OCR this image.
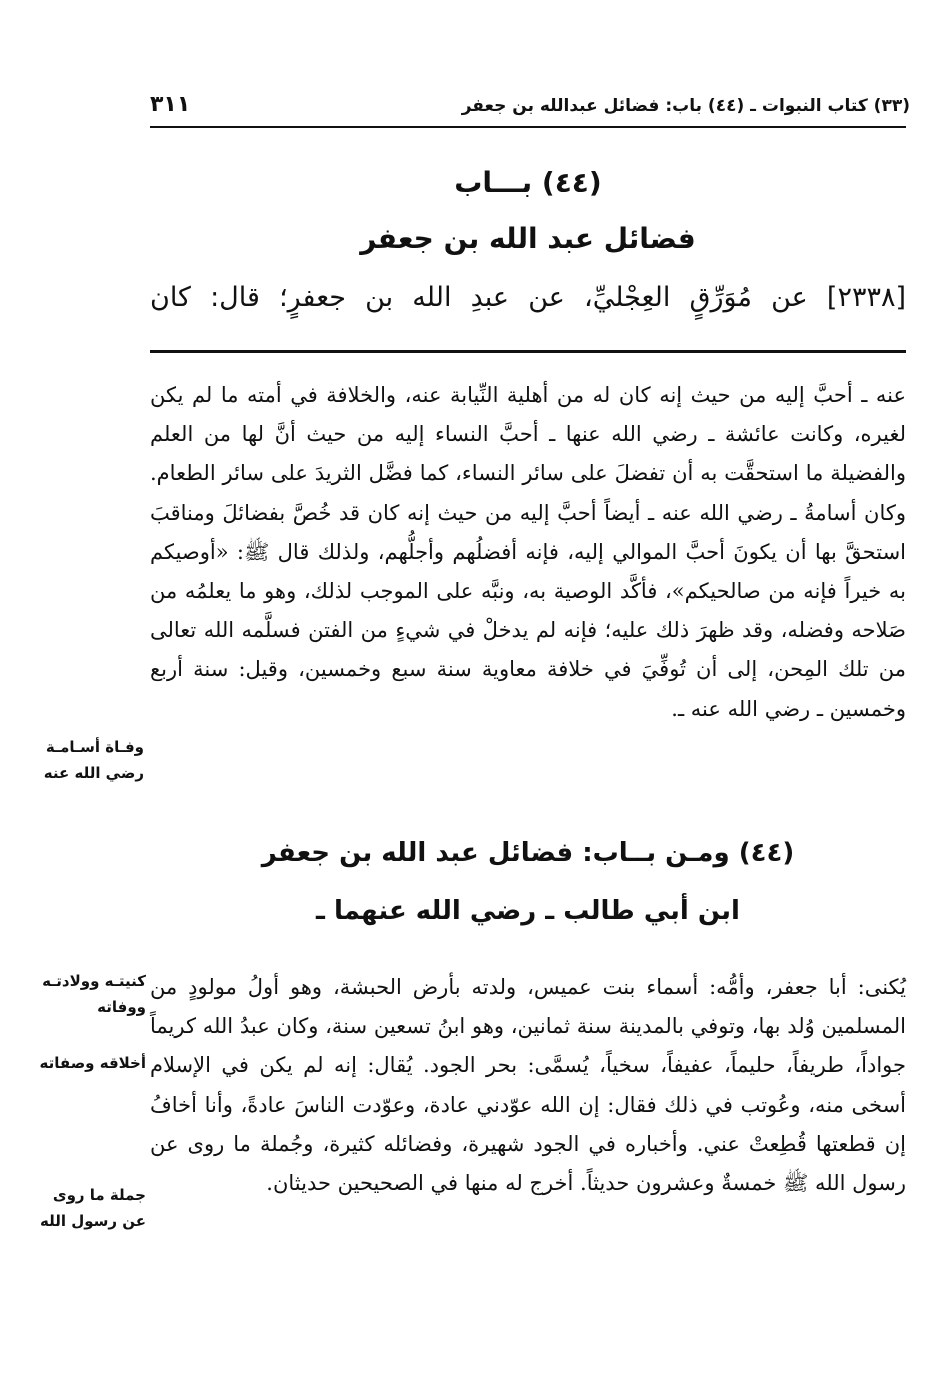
(٣٣) كتاب النبوات ـ (٤٤) باب: فضائل عبدالله بن جعفر
٣١١
(٤٤) بـــاب
فضائل عبد الله بن جعفر
[٢٣٣٨] عن مُوَرِّقٍ العِجْليِّ، عن عبدِ الله بن جعفرٍ؛ قال: كان
عنه ـ أحبَّ إليه من حيث إنه كان له من أهلية النِّيابة عنه، والخلافة في أمته ما لم يكن لغيره، وكانت عائشة ـ رضي الله عنها ـ أحبَّ النساء إليه من حيث أنَّ لها من العلم والفضيلة ما استحقَّت به أن تفضلَ على سائر النساء، كما فضَّل الثريدَ على سائر الطعام. وكان أسامةُ ـ رضي الله عنه ـ أيضاً أحبَّ إليه من حيث إنه كان قد خُصَّ بفضائلَ ومناقبَ استحقَّ بها أن يكونَ أحبَّ الموالي إليه، فإنه أفضلُهم وأجلُّهم، ولذلك قال ﷺ: «أوصيكم به خيراً فإنه من صالحيكم»، فأكَّد الوصية به، ونبَّه على الموجب لذلك، وهو ما يعلمُه من صَلاحه وفضله، وقد ظهرَ ذلك عليه؛ فإنه لم يدخلْ في شيءٍ من الفتن فسلَّمه الله تعالى من تلك المِحن، إلى أن تُوفِّيَ في خلافة معاوية سنة سبع وخمسين، وقيل: سنة أربع وخمسين ـ رضي الله عنه ـ.
(٤٤) ومـن بــاب: فضائل عبد الله بن جعفر
ابن أبي طالب ـ رضي الله عنهما ـ
يُكنى: أبا جعفر، وأمُّه: أسماء بنت عميس، ولدته بأرض الحبشة، وهو أولُ مولودٍ من المسلمين وُلد بها، وتوفي بالمدينة سنة ثمانين، وهو ابنُ تسعين سنة، وكان عبدُ الله كريماً جواداً، طريفاً، حليماً، عفيفاً، سخياً، يُسمَّى: بحر الجود. يُقال: إنه لم يكن في الإسلام أسخى منه، وعُوتب في ذلك فقال: إن الله عوّدني عادة، وعوّدت الناسَ عادةً، وأنا أخافُ إن قطعتها قُطِعتْ عني. وأخباره في الجود شهيرة، وفضائله كثيرة، وجُملة ما روى عن رسول الله ﷺ خمسةٌ وعشرون حديثاً. أخرج له منها في الصحيحين حديثان.
وفـاة أسـامـة
رضي الله عنه
كنيتـه وولادتـه
ووفاته
أخلاقه وصفاته
جملة ما روى
عن رسول الله
